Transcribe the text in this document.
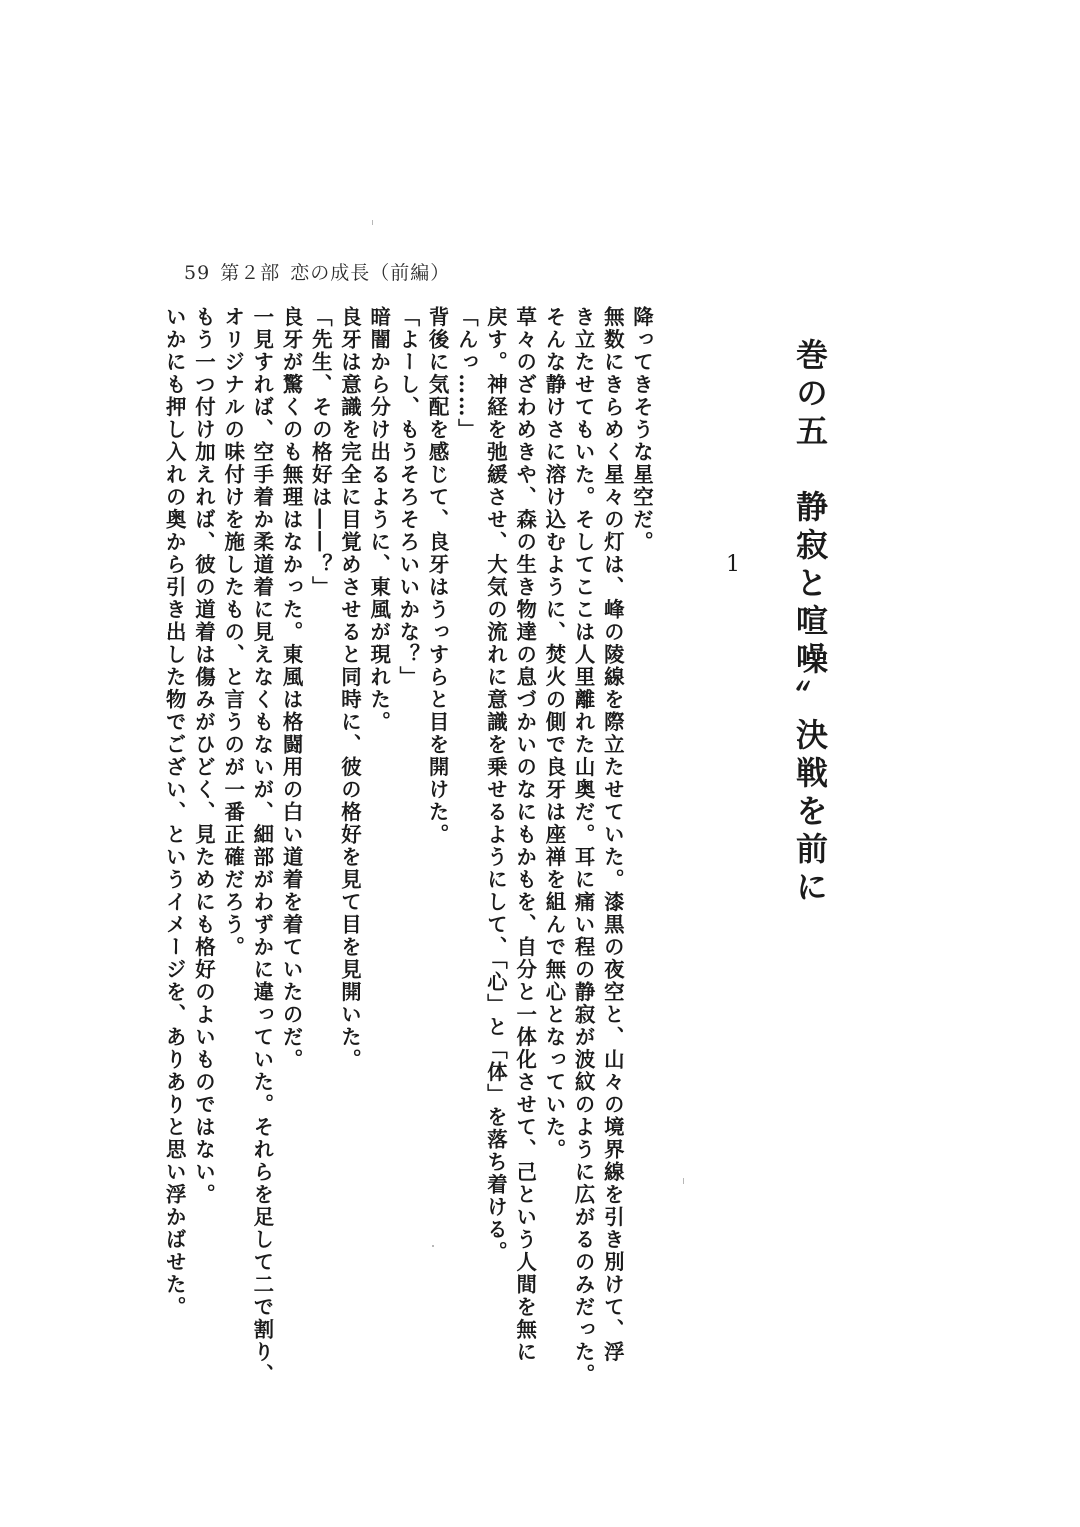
59 第２部 恋の成長（前編）
巻の五　静寂と喧噪〟決戦を前に
1
降ってきそうな星空だ。
無数にきらめく星々の灯は、峰の陵線を際立たせていた。漆黒の夜空と、山々の境界線を引き別けて、浮
き立たせてもいた。そしてここは人里離れた山奥だ。耳に痛い程の静寂が波紋のように広がるのみだった。
そんな静けさに溶け込むように、焚火の側で良牙は座禅を組んで無心となっていた。
草々のざわめきや、森の生き物達の息づかいのなにもかもを、自分と一体化させて、己という人間を無に
戻す。神経を弛緩させ、大気の流れに意識を乗せるようにして、「心」と「体」を落ち着ける。
「んっ……」
背後に気配を感じて、良牙はうっすらと目を開けた。
「よーし、もうそろそろいいかな？」
暗闇から分け出るように、東風が現れた。
良牙は意識を完全に目覚めさせると同時に、彼の格好を見て目を見開いた。
「先生、その格好は――？」
良牙が驚くのも無理はなかった。東風は格闘用の白い道着を着ていたのだ。
一見すれば、空手着か柔道着に見えなくもないが、細部がわずかに違っていた。それらを足して二で割り、
オリジナルの味付けを施したもの、と言うのが一番正確だろう。
もう一つ付け加えれば、彼の道着は傷みがひどく、見ためにも格好のよいものではない。
いかにも押し入れの奥から引き出した物でござい、というイメージを、ありありと思い浮かばせた。
